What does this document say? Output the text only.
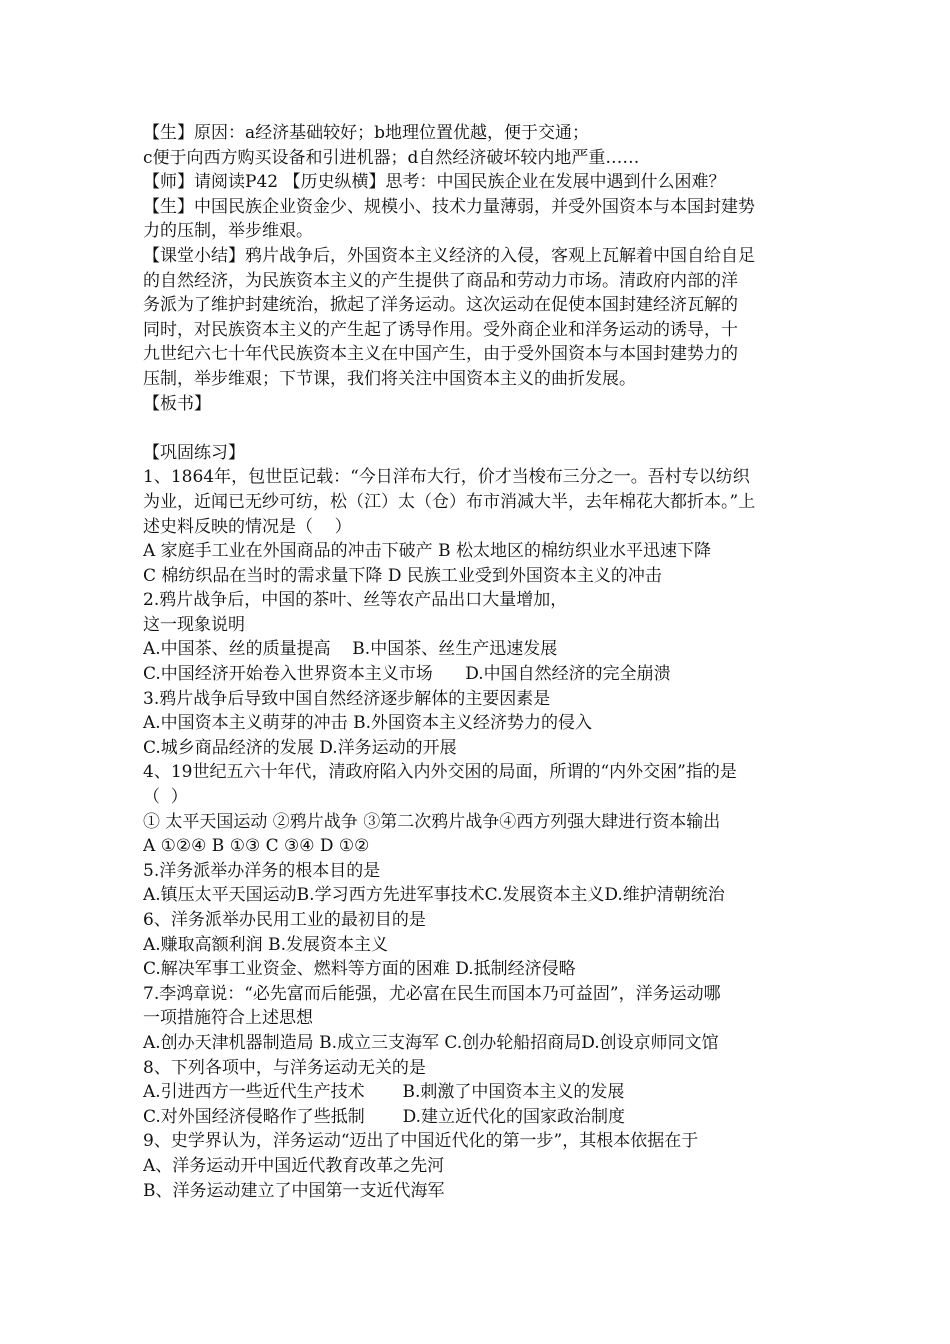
【生】原因：a经济基础较好；b地理位置优越，便于交通；
c便于向西方购买设备和引进机器；d自然经济破坏较内地严重……
【师】请阅读P42 【历史纵横】思考：中国民族企业在发展中遇到什么困难？
【生】中国民族企业资金少、规模小、技术力量薄弱，并受外国资本与本国封建势
力的压制，举步维艰。
【课堂小结】鸦片战争后，外国资本主义经济的入侵，客观上瓦解着中国自给自足
的自然经济，为民族资本主义的产生提供了商品和劳动力市场。清政府内部的洋
务派为了维护封建统治，掀起了洋务运动。这次运动在促使本国封建经济瓦解的
同时，对民族资本主义的产生起了诱导作用。受外商企业和洋务运动的诱导，十
九世纪六七十年代民族资本主义在中国产生，由于受外国资本与本国封建势力的
压制，举步维艰；下节课，我们将关注中国资本主义的曲折发展。
【板书】
【巩固练习】
1、1864年，包世臣记载：“今日洋布大行，价才当梭布三分之一。吾村专以纺织
为业，近闻已无纱可纺，松（江）太（仓）布市消减大半，去年棉花大都折本。”上
述史料反映的情况是（    ）
A 家庭手工业在外国商品的冲击下破产 B 松太地区的棉纺织业水平迅速下降
C 棉纺织品在当时的需求量下降 D 民族工业受到外国资本主义的冲击
2.鸦片战争后，中国的茶叶、丝等农产品出口大量增加，
这一现象说明
A.中国茶、丝的质量提高    B.中国茶、丝生产迅速发展
C.中国经济开始卷入世界资本主义市场      D.中国自然经济的完全崩溃
3.鸦片战争后导致中国自然经济逐步解体的主要因素是
A.中国资本主义萌芽的冲击 B.外国资本主义经济势力的侵入
C.城乡商品经济的发展 D.洋务运动的开展
4、19世纪五六十年代，清政府陷入内外交困的局面，所谓的“内外交困”指的是
（  ）
① 太平天国运动 ②鸦片战争 ③第二次鸦片战争④西方列强大肆进行资本输出
A ①②④ B ①③ C ③④ D ①②
5.洋务派举办洋务的根本目的是
A.镇压太平天国运动B.学习西方先进军事技术C.发展资本主义D.维护清朝统治
6、洋务派举办民用工业的最初目的是
A.赚取高额利润 B.发展资本主义
C.解决军事工业资金、燃料等方面的困难 D.抵制经济侵略
7.李鸿章说：“必先富而后能强，尤必富在民生而国本乃可益固”，洋务运动哪
一项措施符合上述思想
A.创办天津机器制造局 B.成立三支海军 C.创办轮船招商局D.创设京师同文馆
8、下列各项中，与洋务运动无关的是
A.引进西方一些近代生产技术       B.刺激了中国资本主义的发展
C.对外国经济侵略作了些抵制       D.建立近代化的国家政治制度
9、史学界认为，洋务运动“迈出了中国近代化的第一步”，其根本依据在于
A、洋务运动开中国近代教育改革之先河
B、洋务运动建立了中国第一支近代海军
